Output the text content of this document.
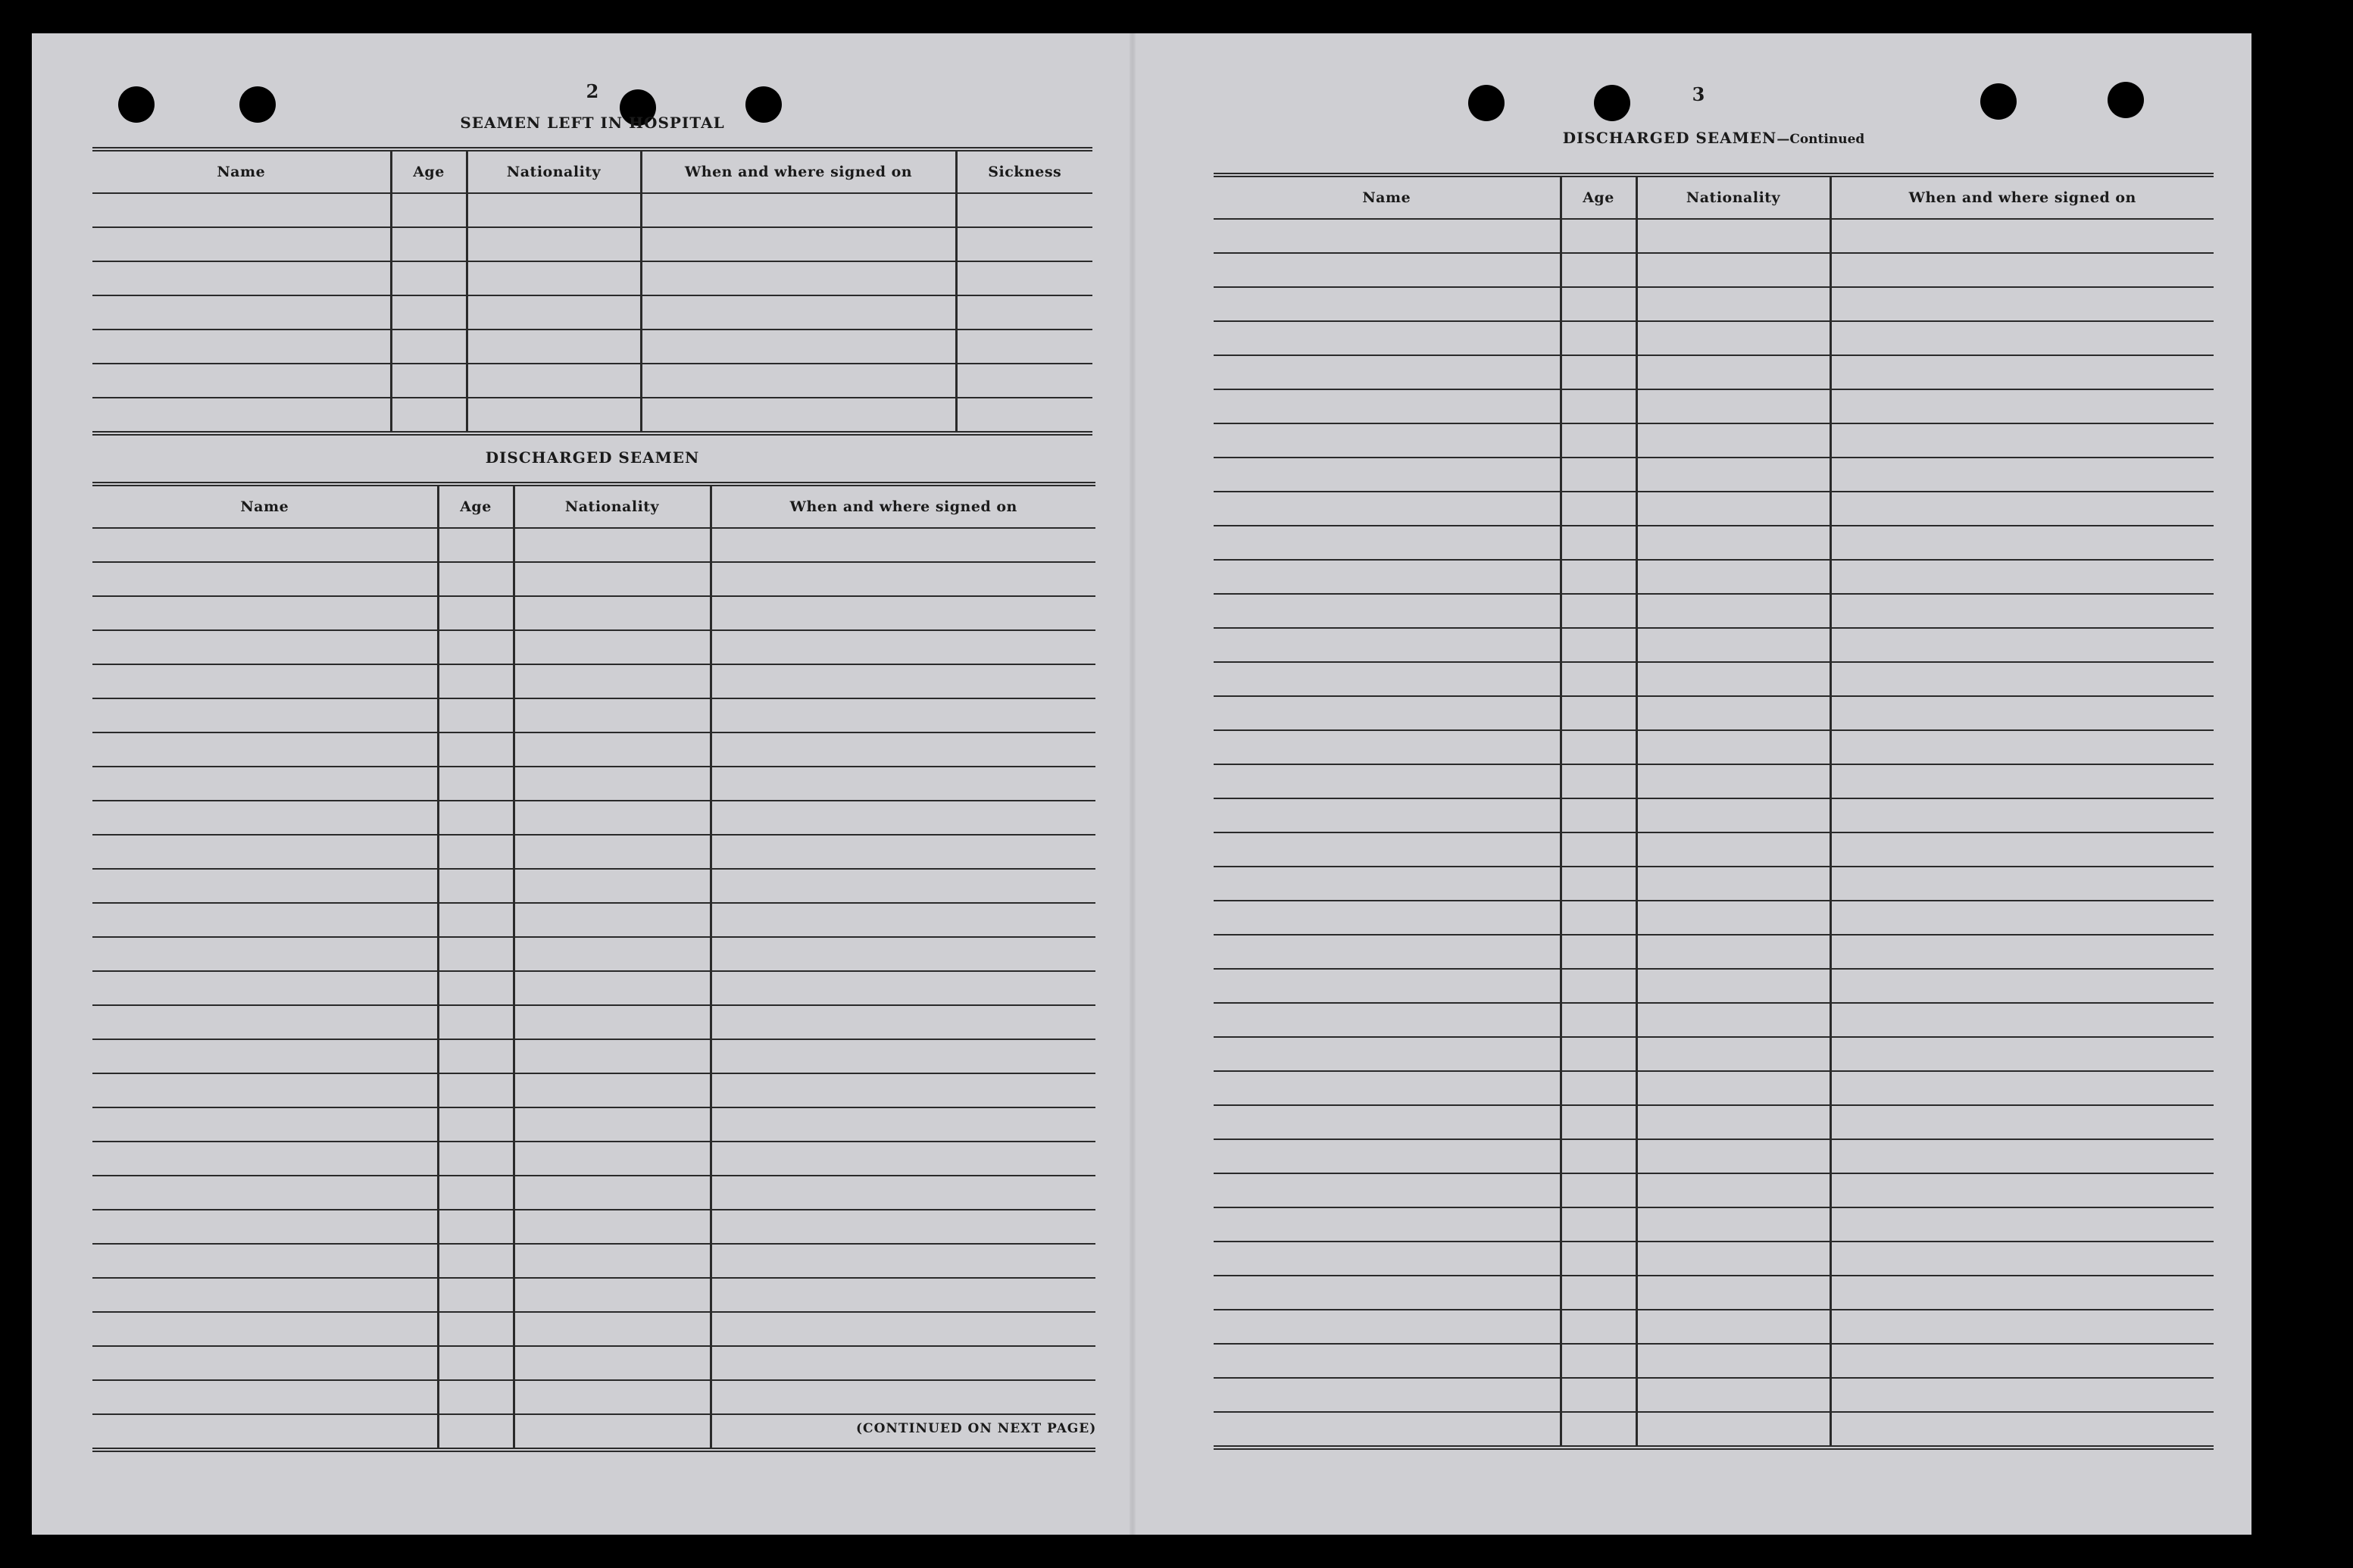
2
SEAMEN LEFT IN HOSPITAL
Name	Age	Nationality	When and where signed on	Sickness

DISCHARGED SEAMEN
Name	Age	Nationality	When and where signed on

(CONTINUED ON NEXT PAGE)
3
DISCHARGED SEAMEN—Continued
Name	Age	Nationality	When and where signed on
